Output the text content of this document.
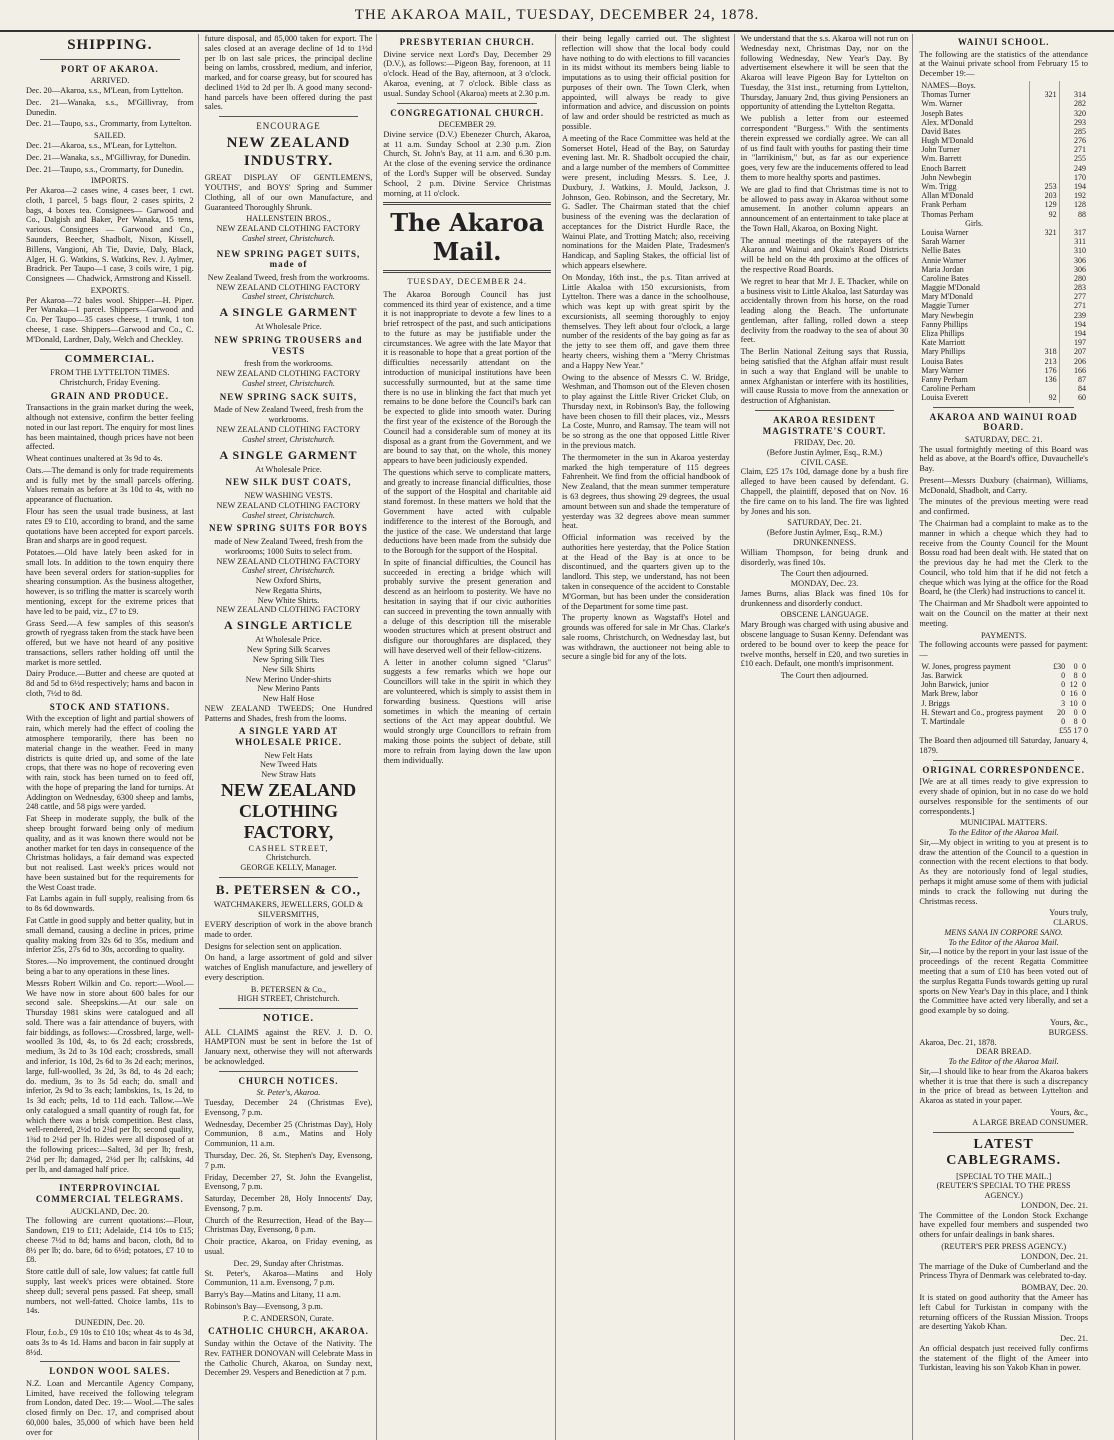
THE AKAROA MAIL, TUESDAY, DECEMBER 24, 1878.
SHIPPING.
PORT OF AKAROA.
ARRIVED.

Dec. 20—Akaroa, s.s., M'Lean, from Lyttelton.

Dec. 21—Wanaka, s.s., M'Gillivray, from Dunedin.

Dec. 21—Taupo, s.s., Crommarty, from Lyttelton.

SAILED.

Dec. 21—Akaroa, s.s., M'Lean, for Lyttelton.

Dec. 21—Wanaka, s.s., M'Gillivray, for Dunedin.

Dec. 21—Taupo, s.s., Crommarty, for Dunedin.

IMPORTS.

Per Akaroa—2 cases wine, 4 cases beer, 1 cwt. cloth, 1 parcel, 5 bags flour, 2 cases spirits, 2 bags, 4 boxes tea. Consignees— Garwood and Co., Dalgish and Baker, Per Wanaka, 15 tens, various. Consignees — Garwood and Co., Saunders, Beecher, Shadbolt, Nixon, Kissell, Billens, Vangioni, Ah Tie, Davie, Daly, Black, Alger, H. G. Watkins, S. Watkins, Rev. J. Aylmer, Bradrick. Per Taupo—1 case, 3 coils wire, 1 pig. Consignees — Chadwick, Armstrong and Kissell.

EXPORTS.

Per Akaroa—72 bales wool. Shipper—H. Piper. Per Wanaka—1 parcel. Shippers—Garwood and Co. Per Taupo—35 cases cheese, 1 trunk, 1 ton cheese, 1 case. Shippers—Garwood and Co., C. M'Donald, Lardner, Daly, Welch and Checkley.

COMMERCIAL.
FROM THE LYTTELTON TIMES.
Christchurch, Friday Evening.
GRAIN AND PRODUCE.

Transactions in the grain market during the week, although not extensive, confirm the better feeling noted in our last report. The enquiry for most lines has been maintained, though prices have not been affected.

Wheat continues unaltered at 3s 9d to 4s.

Oats.—The demand is only for trade requirements and is fully met by the small parcels offering. Values remain as before at 3s 10d to 4s, with no appearance of fluctuation.

Flour has seen the usual trade business, at last rates £9 to £10, according to brand, and the same quotations have been accepted for export parcels. Bran and sharps are in good request.

Potatoes.—Old have lately been asked for in small lots. In addition to the town enquiry there have been several orders for station-supplies for shearing consumption. As the business altogether, however, is so trifling the matter is scarcely worth mentioning, except for the extreme prices that have led to be paid, viz., £7 to £9.

Grass Seed.—A few samples of this season's growth of ryegrass taken from the stack have been offered, but we have not heard of any positive transactions, sellers rather holding off until the market is more settled.

Dairy Produce.—Butter and cheese are quoted at 8d and 5d to 6½d respectively; hams and bacon in cloth, 7½d to 8d.

STOCK AND STATIONS.

With the exception of light and partial showers of rain, which merely had the effect of cooling the atmosphere temporarily, there has been no material change in the weather. Feed in many districts is quite dried up, and some of the late crops, that there was no hope of recovering even with rain, stock has been turned on to feed off, with the hope of preparing the land for turnips. At Addington on Wednesday, 6300 sheep and lambs, 248 cattle, and 58 pigs were yarded.

Fat Sheep in moderate supply, the bulk of the sheep brought forward being only of medium quality, and as it was known there would not be another market for ten days in consequence of the Christmas holidays, a fair demand was expected but not realised. Last week's prices would not have been sustained but for the requirements for the West Coast trade.

Fat Lambs again in full supply, realising from 6s to 8s 6d downwards.

Fat Cattle in good supply and better quality, but in small demand, causing a decline in prices, prime quality making from 32s 6d to 35s, medium and inferior 25s, 27s 6d to 30s, according to quality.

Stores.—No improvement, the continued drought being a bar to any operations in these lines.

Messrs Robert Wilkin and Co. report:—Wool.—We have now in store about 600 bales for our second sale. Sheepskins.—At our sale on Thursday 1981 skins were catalogued and all sold. There was a fair attendance of buyers, with fair biddings, as follows:—Crossbred, large, well-woolled 3s 10d, 4s, to 6s 2d each; crossbreds, medium, 3s 2d to 3s 10d each; crossbreds, small and inferior, 1s 10d, 2s 6d to 3s 2d each; merinos, large, full-woolled, 3s 2d, 3s 8d, to 4s 2d each; do. medium, 3s to 3s 5d each; do. small and inferior, 2s 9d to 3s each; lambskins, 1s, 1s 2d, to 1s 3d each; pelts, 1d to 11d each. Tallow.—We only catalogued a small quantity of rough fat, for which there was a brisk competition. Best class, well-rendered, 2½d to 2¾d per lb; second quality, 1¾d to 2¼d per lb. Hides were all disposed of at the following prices:—Salted, 3d per lb; fresh, 2¼d per lb; damaged, 2¼d per lb; calfskins, 4d per lb, and damaged half price.

INTERPROVINCIAL COMMERCIAL TELEGRAMS.
AUCKLAND, Dec. 20.

The following are current quotations:—Flour, Sandown, £19 to £11; Adelaide, £14 10s to £15; cheese 7½d to 8d; hams and bacon, cloth, 8d to 8½ per lb; do. bare, 6d to 6½d; potatoes, £7 10 to £8.

Store cattle dull of sale, low values; fat cattle full supply, last week's prices were obtained. Store sheep dull; several pens passed. Fat sheep, small numbers, not well-fatted. Choice lambs, 11s to 14s.

DUNEDIN, Dec. 20.

Flour, f.o.b., £9 10s to £10 10s; wheat 4s to 4s 3d, oats 3s to 4s 1d. Hams and bacon in fair supply at 8½d.

LONDON WOOL SALES.

N.Z. Loan and Mercantile Agency Company, Limited, have received the following telegram from London, dated Dec. 19:— Wool.—The sales closed firmly on Dec. 17, and comprised about 60,000 bales, 35,000 of which have been held over for

future disposal, and 85,000 taken for export. The sales closed at an average decline of 1d to 1½d per lb on last sale prices, the principal decline being on lambs, crossbred, medium, and inferior, marked, and for coarse greasy, but for scoured has declined 1½d to 2d per lb. A good many second-hand parcels have been offered during the past sales.

ENCOURAGE
NEW ZEALAND INDUSTRY.

GREAT DISPLAY OF GENTLEMEN'S, YOUTHS', and BOYS' Spring and Summer Clothing, all of our own Manufacture, and Guaranteed Thoroughly Shrunk.

HALLENSTEIN BROS.,
NEW ZEALAND CLOTHING FACTORY
Cashel street, Christchurch.
NEW SPRING PAGET SUITS, made of
New Zealand Tweed, fresh from the workrooms.
NEW ZEALAND CLOTHING FACTORY
Cashel street, Christchurch.
A SINGLE GARMENT
At Wholesale Price.
NEW SPRING TROUSERS and VESTS
fresh from the workrooms.
NEW ZEALAND CLOTHING FACTORY
Cashel street, Christchurch.
NEW SPRING SACK SUITS,
Made of New Zealand Tweed, fresh from the workrooms.
NEW ZEALAND CLOTHING FACTORY
Cashel street, Christchurch.
A SINGLE GARMENT
At Wholesale Price.
NEW SILK DUST COATS,
NEW WASHING VESTS.
NEW ZEALAND CLOTHING FACTORY
Cashel street, Christchurch.
NEW SPRING SUITS FOR BOYS
made of New Zealand Tweed, fresh from the workrooms; 1000 Suits to select from.
NEW ZEALAND CLOTHING FACTORY
Cashel street, Christchurch.
New Oxford Shirts,
New Regatta Shirts,
New White Shirts.
NEW ZEALAND CLOTHING FACTORY
A SINGLE ARTICLE
At Wholesale Price.
New Spring Silk Scarves
New Spring Silk Ties
New Silk Shirts
New Merino Under-shirts
New Merino Pants
New Half Hose

NEW ZEALAND TWEEDS; One Hundred Patterns and Shades, fresh from the looms.

A SINGLE YARD AT WHOLESALE PRICE.
New Felt Hats
New Tweed Hats
New Straw Hats
NEW ZEALAND CLOTHING FACTORY,
CASHEL STREET,
Christchurch.
GEORGE KELLY, Manager.
B. PETERSEN & CO.,
WATCHMAKERS, JEWELLERS, GOLD & SILVERSMITHS,

EVERY description of work in the above branch made to order.

Designs for selection sent on application.

On hand, a large assortment of gold and silver watches of English manufacture, and jewellery of every description.

B. PETERSEN & Co.,
HIGH STREET, Christchurch.
NOTICE.

ALL CLAIMS against the REV. J. D. O. HAMPTON must be sent in before the 1st of January next, otherwise they will not afterwards be acknowledged.

CHURCH NOTICES.
St. Peter's, Akaroa.

Tuesday, December 24 (Christmas Eve), Evensong, 7 p.m.

Wednesday, December 25 (Christmas Day), Holy Communion, 8 a.m., Matins and Holy Communion, 11 a.m.

Thursday, Dec. 26, St. Stephen's Day, Evensong, 7 p.m.

Friday, December 27, St. John the Evangelist, Evensong, 7 p.m.

Saturday, December 28, Holy Innocents' Day, Evensong, 7 p.m.

Church of the Resurrection, Head of the Bay—Christmas Day, Evensong, 8 p.m.

Choir practice, Akaroa, on Friday evening, as usual.

Dec. 29, Sunday after Christmas.

St. Peter's, Akaroa—Matins and Holy Communion, 11 a.m. Evensong, 7 p.m.

Barry's Bay—Matins and Litany, 11 a.m.

Robinson's Bay—Evensong, 3 p.m.

P. C. ANDERSON, Curate.
CATHOLIC CHURCH, AKAROA.

Sunday within the Octave of the Nativity. The Rev. FATHER DONOVAN will Celebrate Mass in the Catholic Church, Akaroa, on Sunday next, December 29. Vespers and Benediction at 7 p.m.

PRESBYTERIAN CHURCH.

Divine service next Lord's Day, December 29 (D.V.), as follows:—Pigeon Bay, forenoon, at 11 o'clock. Head of the Bay, afternoon, at 3 o'clock. Akaroa, evening, at 7 o'clock. Bible class as usual. Sunday School (Akaroa) meets at 2.30 p.m.

CONGREGATIONAL CHURCH.
DECEMBER 29.

Divine service (D.V.) Ebenezer Church, Akaroa, at 11 a.m. Sunday School at 2.30 p.m. Zion Church, St. John's Bay, at 11 a.m. and 6.30 p.m. At the close of the evening service the ordinance of the Lord's Supper will be observed. Sunday School, 2 p.m. Divine Service Christmas morning, at 11 o'clock.

The Akaroa Mail.
TUESDAY, DECEMBER 24.

The Akaroa Borough Council has just commenced its third year of existence, and a time it is not inappropriate to devote a few lines to a brief retrospect of the past, and such anticipations to the future as may be justifiable under the circumstances. We agree with the late Mayor that it is reasonable to hope that a great portion of the difficulties necessarily attendant on the introduction of municipal institutions have been successfully surmounted, but at the same time there is no use in blinking the fact that much yet remains to be done before the Council's bark can be expected to glide into smooth water. During the first year of the existence of the Borough the Council had a considerable sum of money at its disposal as a grant from the Government, and we are bound to say that, on the whole, this money appears to have been judiciously expended.

The questions which serve to complicate matters, and greatly to increase financial difficulties, those of the support of the Hospital and charitable aid stand foremost. In these matters we hold that the Government have acted with culpable indifference to the interest of the Borough, and the justice of the case. We understand that large deductions have been made from the subsidy due to the Borough for the support of the Hospital.

In spite of financial difficulties, the Council has succeeded in erecting a bridge which will probably survive the present generation and descend as an heirloom to posterity. We have no hesitation in saying that if our civic authorities can succeed in preventing the town annually with a deluge of this description till the miserable wooden structures which at present obstruct and disfigure our thoroughfares are displaced, they will have deserved well of their fellow-citizens.

A letter in another column signed "Clarus" suggests a few remarks which we hope our Councillors will take in the spirit in which they are volunteered, which is simply to assist them in forwarding business. Questions will arise sometimes in which the meaning of certain sections of the Act may appear doubtful. We would strongly urge Councillors to refrain from making those points the subject of debate, still more to refrain from laying down the law upon them individually.

their being legally carried out. The slightest reflection will show that the local body could have nothing to do with elections to fill vacancies in its midst without its members being liable to imputations as to using their official position for purposes of their own. The Town Clerk, when appointed, will always be ready to give information and advice, and discussion on points of law and order should be restricted as much as possible.

A meeting of the Race Committee was held at the Somerset Hotel, Head of the Bay, on Saturday evening last. Mr. R. Shadbolt occupied the chair, and a large number of the members of Committee were present, including Messrs. S. Lee, J. Duxbury, J. Watkins, J. Mould, Jackson, J. Johnson, Geo. Robinson, and the Secretary, Mr. G. Sadler. The Chairman stated that the chief business of the evening was the declaration of acceptances for the District Hurdle Race, the Wainui Plate, and Trotting Match; also, receiving nominations for the Maiden Plate, Tradesmen's Handicap, and Sapling Stakes, the official list of which appears elsewhere.

On Monday, 16th inst., the p.s. Titan arrived at Little Akaloa with 150 excursionists, from Lyttelton. There was a dance in the schoolhouse, which was kept up with great spirit by the excursionists, all seeming thoroughly to enjoy themselves. They left about four o'clock, a large number of the residents of the bay going as far as the jetty to see them off, and gave them three hearty cheers, wishing them a "Merry Christmas and a Happy New Year."

Owing to the absence of Messrs C. W. Bridge, Weshman, and Thomson out of the Eleven chosen to play against the Little River Cricket Club, on Thursday next, in Robinson's Bay, the following have been chosen to fill their places, viz., Messrs La Coste, Munro, and Ramsay. The team will not be so strong as the one that opposed Little River in the previous match.

The thermometer in the sun in Akaroa yesterday marked the high temperature of 115 degrees Fahrenheit. We find from the official handbook of New Zealand, that the mean summer temperature is 63 degrees, thus showing 29 degrees, the usual amount between sun and shade the temperature of yesterday was 32 degrees above mean summer heat.

Official information was received by the authorities here yesterday, that the Police Station at the Head of the Bay is at once to be discontinued, and the quarters given up to the landlord. This step, we understand, has not been taken in consequence of the accident to Constable M'Gorman, but has been under the consideration of the Department for some time past.

The property known as Wagstaff's Hotel and grounds was offered for sale in Mr Chas. Clarke's sale rooms, Christchurch, on Wednesday last, but was withdrawn, the auctioneer not being able to secure a single bid for any of the lots.

We understand that the s.s. Akaroa will not run on Wednesday next, Christmas Day, nor on the following Wednesday, New Year's Day. By advertisement elsewhere it will be seen that the Akaroa will leave Pigeon Bay for Lyttelton on Tuesday, the 31st inst., returning from Lyttelton, Thursday, January 2nd, thus giving Pensioners an opportunity of attending the Lyttelton Regatta.

We publish a letter from our esteemed correspondent "Burgess." With the sentiments therein expressed we cordially agree. We can all of us find fault with youths for pasting their time in "larrikinism," but, as far as our experience goes, very few are the inducements offered to lead them to more healthy sports and pastimes.

We are glad to find that Christmas time is not to be allowed to pass away in Akaroa without some amusement. In another column appears an announcement of an entertainment to take place at the Town Hall, Akaroa, on Boxing Night.

The annual meetings of the ratepayers of the Akaroa and Wainui and Okain's Road Districts will be held on the 4th proximo at the offices of the respective Road Boards.

We regret to hear that Mr J. E. Thacker, while on a business visit to Little Akaloa, last Saturday was accidentally thrown from his horse, on the road leading along the Beach. The unfortunate gentleman, after falling, rolled down a steep declivity from the roadway to the sea of about 30 feet.

The Berlin National Zeitung says that Russia, being satisfied that the Afghan affair must result in such a way that England will be unable to annex Afghanistan or interfere with its hostilities, will cause Russia to move from the annexation or destruction of Afghanistan.

AKAROA RESIDENT MAGISTRATE'S COURT.
FRIDAY, Dec. 20.
(Before Justin Aylmer, Esq., R.M.)
CIVIL CASE.

Claim, £25 17s 10d, damage done by a bush fire alleged to have been caused by defendant. G. Chappell, the plaintiff, deposed that on Nov. 16 the fire came on to his land. The fire was lighted by Jones and his son.

SATURDAY, Dec. 21.
(Before Justin Aylmer, Esq., R.M.)
DRUNKENNESS.

William Thompson, for being drunk and disorderly, was fined 10s.

The Court then adjourned.
MONDAY, Dec. 23.

James Burns, alias Black was fined 10s for drunkenness and disorderly conduct.

OBSCENE LANGUAGE.

Mary Brough was charged with using abusive and obscene language to Susan Kenny. Defendant was ordered to be bound over to keep the peace for twelve months, herself in £20, and two sureties in £10 each. Default, one month's imprisonment.

The Court then adjourned.
WAINUI SCHOOL.

The following are the statistics of the attendance at the Wainui private school from February 15 to December 19:—

NAMES—Boys.		
Thomas Turner	321	314
Wm. Warner		282
Joseph Bates		320
Alex. M'Donald		293
David Bates		285
Hugh M'Donald		276
John Turner		271
Wm. Barrett		255
Enoch Barrett		249
John Newbegin		170
Wm. Trigg	253	194
Allan M'Donald	203	192
Frank Perham	129	128
Thomas Perham	92	88
Girls.		
Louisa Warner	321	317
Sarah Warner		311
Nellie Bates		310
Annie Warner		306
Maria Jordan		306
Caroline Bates		280
Maggie M'Donald		283
Mary M'Donald		277
Maggie Turner		271
Mary Newbegin		239
Fanny Phillips		194
Eliza Phillips		194
Kate Marriott		197
Mary Phillips	318	207
Louisa Bates	213	206
Mary Warner	176	166
Fanny Perham	136	87
Caroline Perham		84
Louisa Everett	92	60
AKAROA AND WAINUI ROAD BOARD.
SATURDAY, DEC. 21.

The usual fortnightly meeting of this Board was held as above, at the Board's office, Duvauchelle's Bay.

Present—Messrs Duxbury (chairman), Williams, McDonald, Shadbolt, and Carry.

The minutes of the previous meeting were read and confirmed.

The Chairman had a complaint to make as to the manner in which a cheque which they had to receive from the County Council for the Mount Bossu road had been dealt with. He stated that on the previous day he had met the Clerk to the Council, who told him that if he did not fetch a cheque which was lying at the office for the Road Board, he (the Clerk) had instructions to cancel it.

The Chairman and Mr Shadbolt were appointed to wait on the Council on the matter at their next meeting.

PAYMENTS.

The following accounts were passed for payment:—

W. Jones, progress payment	£30	0	0
Jas. Barwick	0	8	0
John Barwick, junior	0	12	0
Mark Brew, labor	0	16	0
J. Briggs	3	10	0
H. Stewart and Co., progress payment	20	0	0
T. Martindale	0	8	0
£55 17 0

The Board then adjourned till Saturday, January 4, 1879.

ORIGINAL CORRESPONDENCE.

[We are at all times ready to give expression to every shade of opinion, but in no case do we hold ourselves responsible for the sentiments of our correspondents.]

MUNICIPAL MATTERS.
To the Editor of the Akaroa Mail.

Sir,—My object in writing to you at present is to draw the attention of the Council to a question in connection with the recent elections to that body. As they are notoriously fond of legal studies, perhaps it might amuse some of them with judicial minds to crack the following nut during the Christmas recess.

Yours truly,
CLARUS.
MENS SANA IN CORPORE SANO.
To the Editor of the Akaroa Mail.

Sir,—I notice by the report in your last issue of the proceedings of the recent Regatta Committee meeting that a sum of £10 has been voted out of the surplus Regatta Funds towards getting up rural sports on New Year's Day in this place, and I think the Committee have acted very liberally, and set a good example by so doing.

Yours, &c.,
BURGESS.
Akaroa, Dec. 21, 1878.
DEAR BREAD.
To the Editor of the Akaroa Mail.

Sir,—I should like to hear from the Akaroa bakers whether it is true that there is such a discrepancy in the price of bread as between Lyttelton and Akaroa as stated in your paper.

Yours, &c.,
A LARGE BREAD CONSUMER.
LATEST CABLEGRAMS.
[SPECIAL TO THE MAIL.]
(REUTER'S SPECIAL TO THE PRESS AGENCY.)
LONDON, Dec. 21.

The Committee of the London Stock Exchange have expelled four members and suspended two others for unfair dealings in bank shares.

(REUTER'S PER PRESS AGENCY.)
LONDON, Dec. 21.

The marriage of the Duke of Cumberland and the Princess Thyra of Denmark was celebrated to-day.

BOMBAY, Dec. 20.

It is stated on good authority that the Ameer has left Cabul for Turkistan in company with the returning officers of the Russian Mission. Troops are deserting Yakob Khan.

Dec. 21.

An official despatch just received fully confirms the statement of the flight of the Ameer into Turkistan, leaving his son Yakob Khan in power.
